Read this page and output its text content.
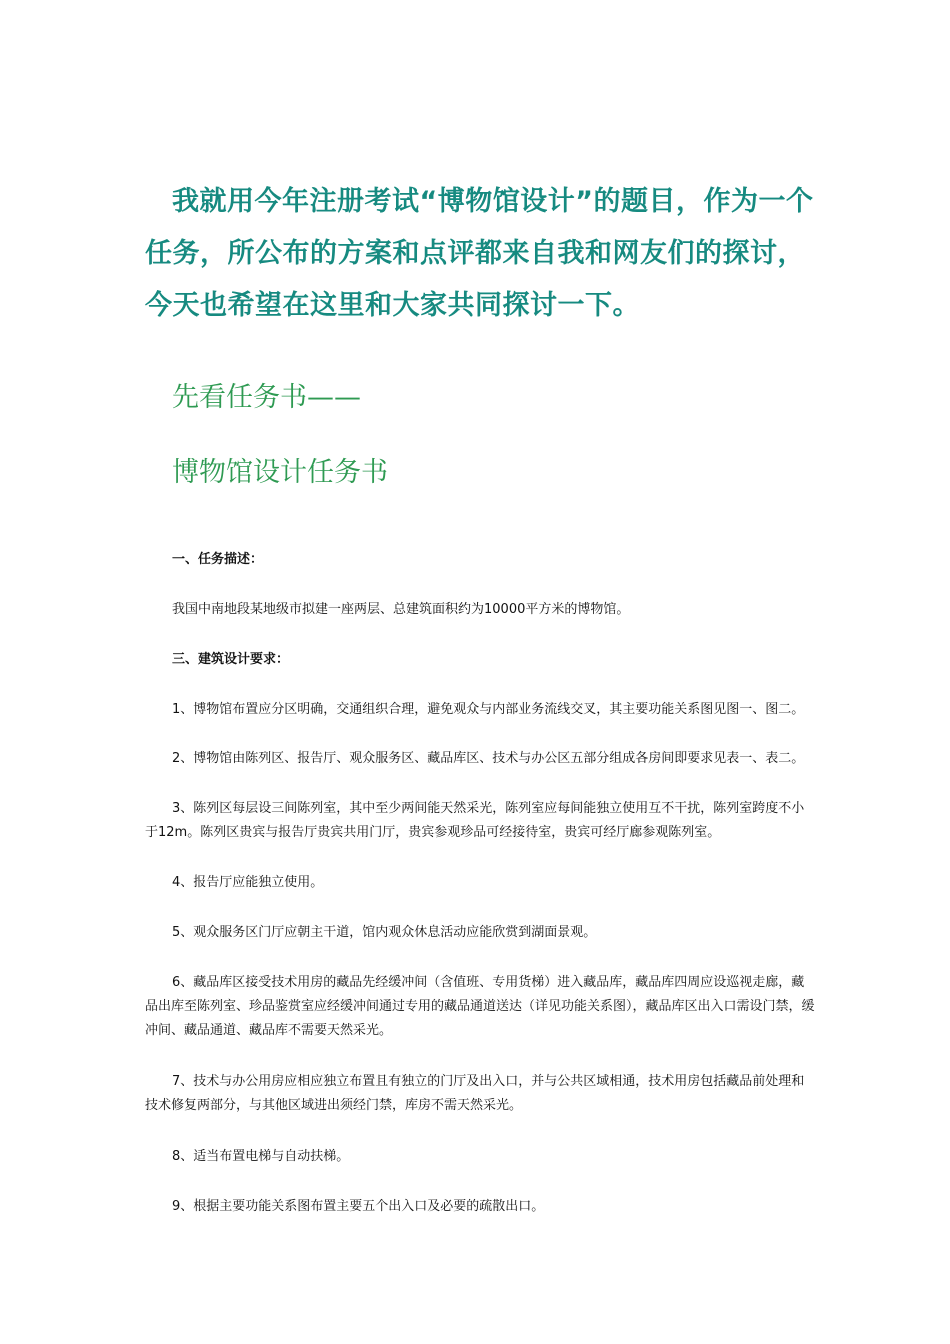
我就用今年注册考试“博物馆设计”的题目，作为一个任务，所公布的方案和点评都来自我和网友们的探讨，今天也希望在这里和大家共同探讨一下。
先看任务书——
博物馆设计任务书
一、任务描述：
我国中南地段某地级市拟建一座两层、总建筑面积约为10000平方米的博物馆。
三、建筑设计要求：
1、博物馆布置应分区明确，交通组织合理，避免观众与内部业务流线交叉，其主要功能关系图见图一、图二。
2、博物馆由陈列区、报告厅、观众服务区、藏品库区、技术与办公区五部分组成各房间即要求见表一、表二。
3、陈列区每层设三间陈列室，其中至少两间能天然采光，陈列室应每间能独立使用互不干扰，陈列室跨度不小于12m。陈列区贵宾与报告厅贵宾共用门厅，贵宾参观珍品可经接待室，贵宾可经厅廊参观陈列室。
4、报告厅应能独立使用。
5、观众服务区门厅应朝主干道，馆内观众休息活动应能欣赏到湖面景观。
6、藏品库区接受技术用房的藏品先经缓冲间（含值班、专用货梯）进入藏品库，藏品库四周应设巡视走廊，藏品出库至陈列室、珍品鉴赏室应经缓冲间通过专用的藏品通道送达（详见功能关系图），藏品库区出入口需设门禁，缓冲间、藏品通道、藏品库不需要天然采光。
7、技术与办公用房应相应独立布置且有独立的门厅及出入口，并与公共区域相通，技术用房包括藏品前处理和技术修复两部分，与其他区域进出须经门禁，库房不需天然采光。
8、适当布置电梯与自动扶梯。
9、根据主要功能关系图布置主要五个出入口及必要的疏散出口。
